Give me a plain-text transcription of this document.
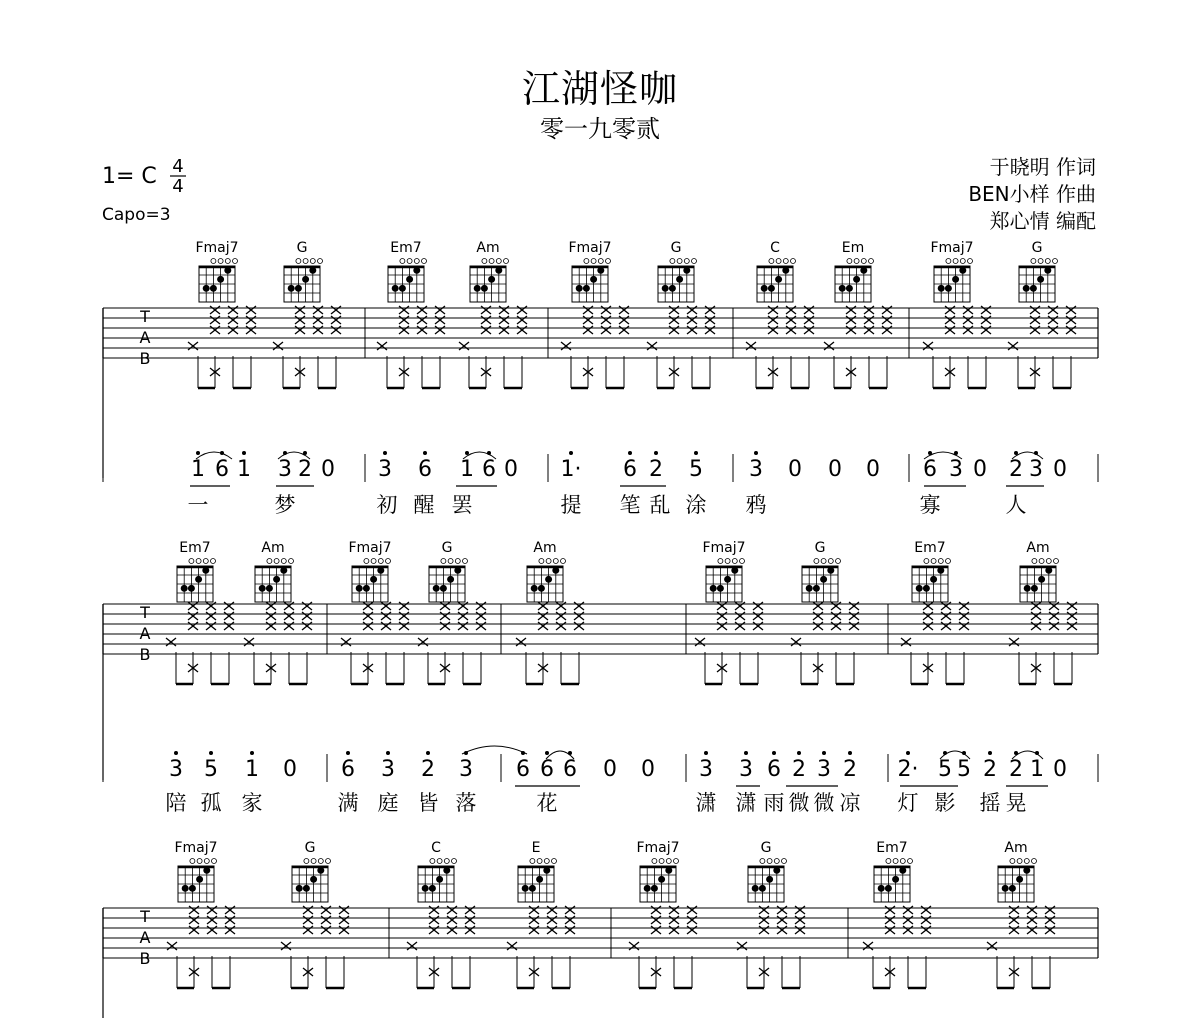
江湖怪咖
零一九零贰
1= C
Capo=3
于晓明 作词
BEN小样 作曲
郑心情 编配
4
4
Fmaj7	G	Em7	Am	Fmaj7	G	C	Em	Fmaj7	G
T
A
B
Em7	Am	Fmaj7	G	Am	Fmaj7	G	Em7	Am
T
A
B
Fmaj7	G	C	E	Fmaj7	G	Em7	Am
T
A
B
1 6 1 3 2 0 3 6 1 6 0 1· 6 2 5 3 0 0 0 6 3 0 2 3 0
一	梦	初 醒 罢	提 笔 乱 涂 鸦	寡	人
3 5 1 0 6 3 2 3 6 6 6 0 0 3 3 6 2 3 2 2· 5 5 2 2 1 0
陪 孤 家	满 庭 皆 落	花	潇 潇 雨 微 微 凉 灯 影 摇 晃
